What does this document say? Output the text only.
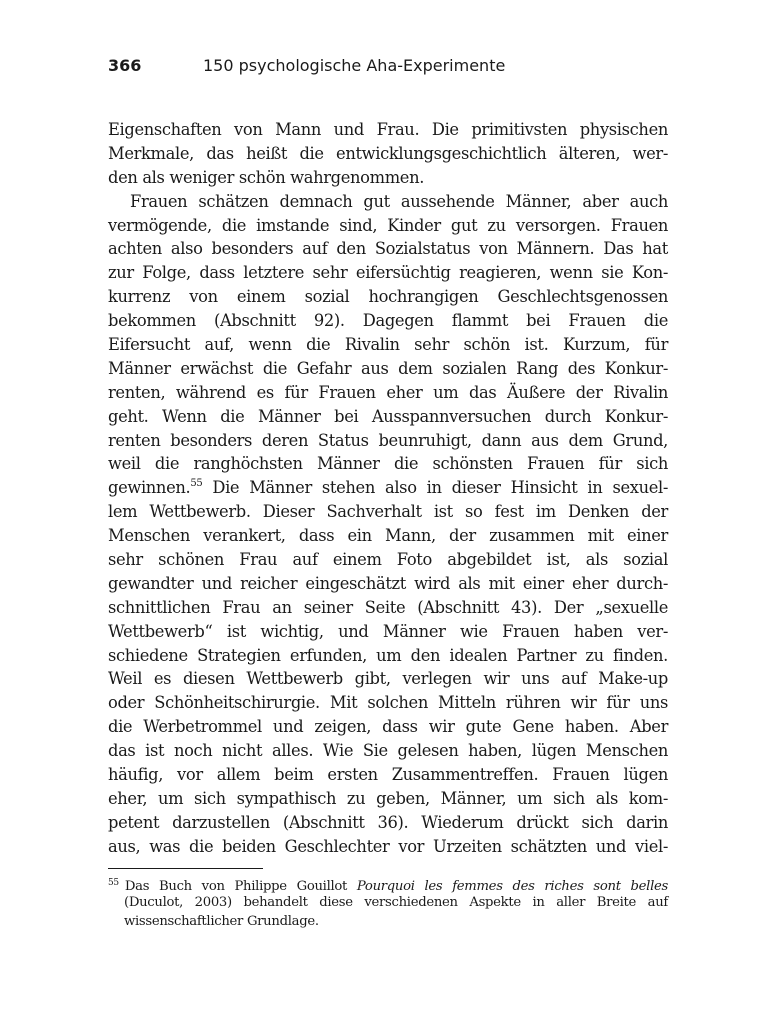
366	150 psychologische Aha-Experimente
Eigenschaften von Mann und Frau. Die primitivsten physischen
Merkmale, das heißt die entwicklungsgeschichtlich älteren, wer-
den als weniger schön wahrgenommen.
Frauen schätzen demnach gut aussehende Männer, aber auch
vermögende, die imstande sind, Kinder gut zu versorgen. Frauen
achten also besonders auf den Sozialstatus von Männern. Das hat
zur Folge, dass letztere sehr eifersüchtig reagieren, wenn sie Kon-
kurrenz von einem sozial hochrangigen Geschlechtsgenossen
bekommen (Abschnitt 92). Dagegen flammt bei Frauen die
Eifersucht auf, wenn die Rivalin sehr schön ist. Kurzum, für
Männer erwächst die Gefahr aus dem sozialen Rang des Konkur-
renten, während es für Frauen eher um das Äußere der Rivalin
geht. Wenn die Männer bei Ausspannversuchen durch Konkur-
renten besonders deren Status beunruhigt, dann aus dem Grund,
weil die ranghöchsten Männer die schönsten Frauen für sich
gewinnen.$^{55}$ Die Männer stehen also in dieser Hinsicht in sexuel-
lem Wettbewerb. Dieser Sachverhalt ist so fest im Denken der
Menschen verankert, dass ein Mann, der zusammen mit einer
sehr schönen Frau auf einem Foto abgebildet ist, als sozial
gewandter und reicher eingeschätzt wird als mit einer eher durch-
schnittlichen Frau an seiner Seite (Abschnitt 43). Der „sexuelle
Wettbewerb“ ist wichtig, und Männer wie Frauen haben ver-
schiedene Strategien erfunden, um den idealen Partner zu finden.
Weil es diesen Wettbewerb gibt, verlegen wir uns auf Make-up
oder Schönheitschirurgie. Mit solchen Mitteln rühren wir für uns
die Werbetrommel und zeigen, dass wir gute Gene haben. Aber
das ist noch nicht alles. Wie Sie gelesen haben, lügen Menschen
häufig, vor allem beim ersten Zusammentreffen. Frauen lügen
eher, um sich sympathisch zu geben, Männer, um sich als kom-
petent darzustellen (Abschnitt 36). Wiederum drückt sich darin
aus, was die beiden Geschlechter vor Urzeiten schätzten und viel-
$^{55}$ Das Buch von Philippe Gouillot Pourquoi les femmes des riches sont belles
(Duculot, 2003) behandelt diese verschiedenen Aspekte in aller Breite auf
wissenschaftlicher Grundlage.
